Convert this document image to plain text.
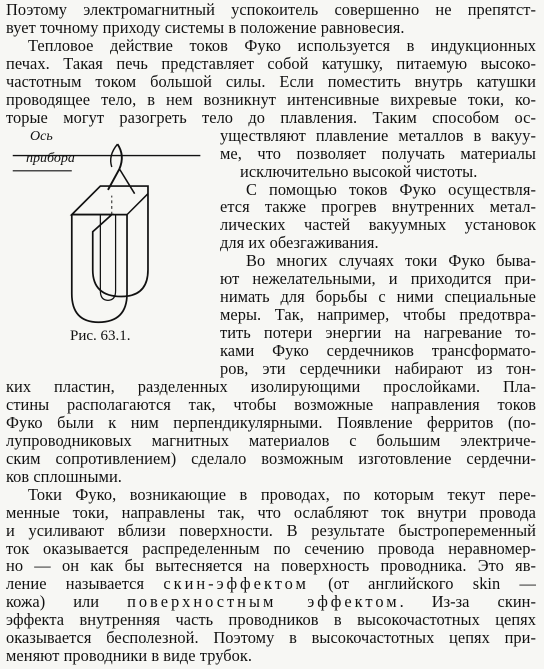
Поэтому электромагнитный успокоитель совершенно не препятст-
вует точному приходу системы в положение равновесия.
Тепловое действие токов Фуко используется в индукционных
печах. Такая печь представляет собой катушку, питаемую высоко-
частотным током большой силы. Если поместить внутрь катушки
проводящее тело, в нем возникнут интенсивные вихревые токи, ко-
торые могут разогреть тело до плавления. Таким способом ос-
уществляют плавление металлов в вакуу-
ме, что позволяет получать материалы
исключительно высокой чистоты.
С помощью токов Фуко осуществля-
ется также прогрев внутренних метал-
лических частей вакуумных установок
для их обезгаживания.
Во многих случаях токи Фуко быва-
ют нежелательными, и приходится при-
нимать для борьбы с ними специальные
меры. Так, например, чтобы предотвра-
тить потери энергии на нагревание то-
ками Фуко сердечников трансформато-
ров, эти сердечники набирают из тон-
ких пластин, разделенных изолирующими прослойками. Пла-
стины располагаются так, чтобы возможные направления токов
Фуко были к ним перпендикулярными. Появление ферритов (по-
лупроводниковых магнитных материалов с большим электриче-
ским сопротивлением) сделало возможным изготовление сердечни-
ков сплошными.
Токи Фуко, возникающие в проводах, по которым текут пере-
менные токи, направлены так, что ослабляют ток внутри провода
и усиливают вблизи поверхности. В результате быстропеременный
ток оказывается распределенным по сечению провода неравномер-
но — он как бы вытесняется на поверхность проводника. Это яв-
ление называется скин-эффектом (от английского skin —
кожа) или поверхностным эффектом. Из-за скин-
эффекта внутренняя часть проводников в высокочастотных цепях
оказывается бесполезной. Поэтому в высокочастотных цепях при-
меняют проводники в виде трубок.
Ось
прибора
Рис. 63.1.
